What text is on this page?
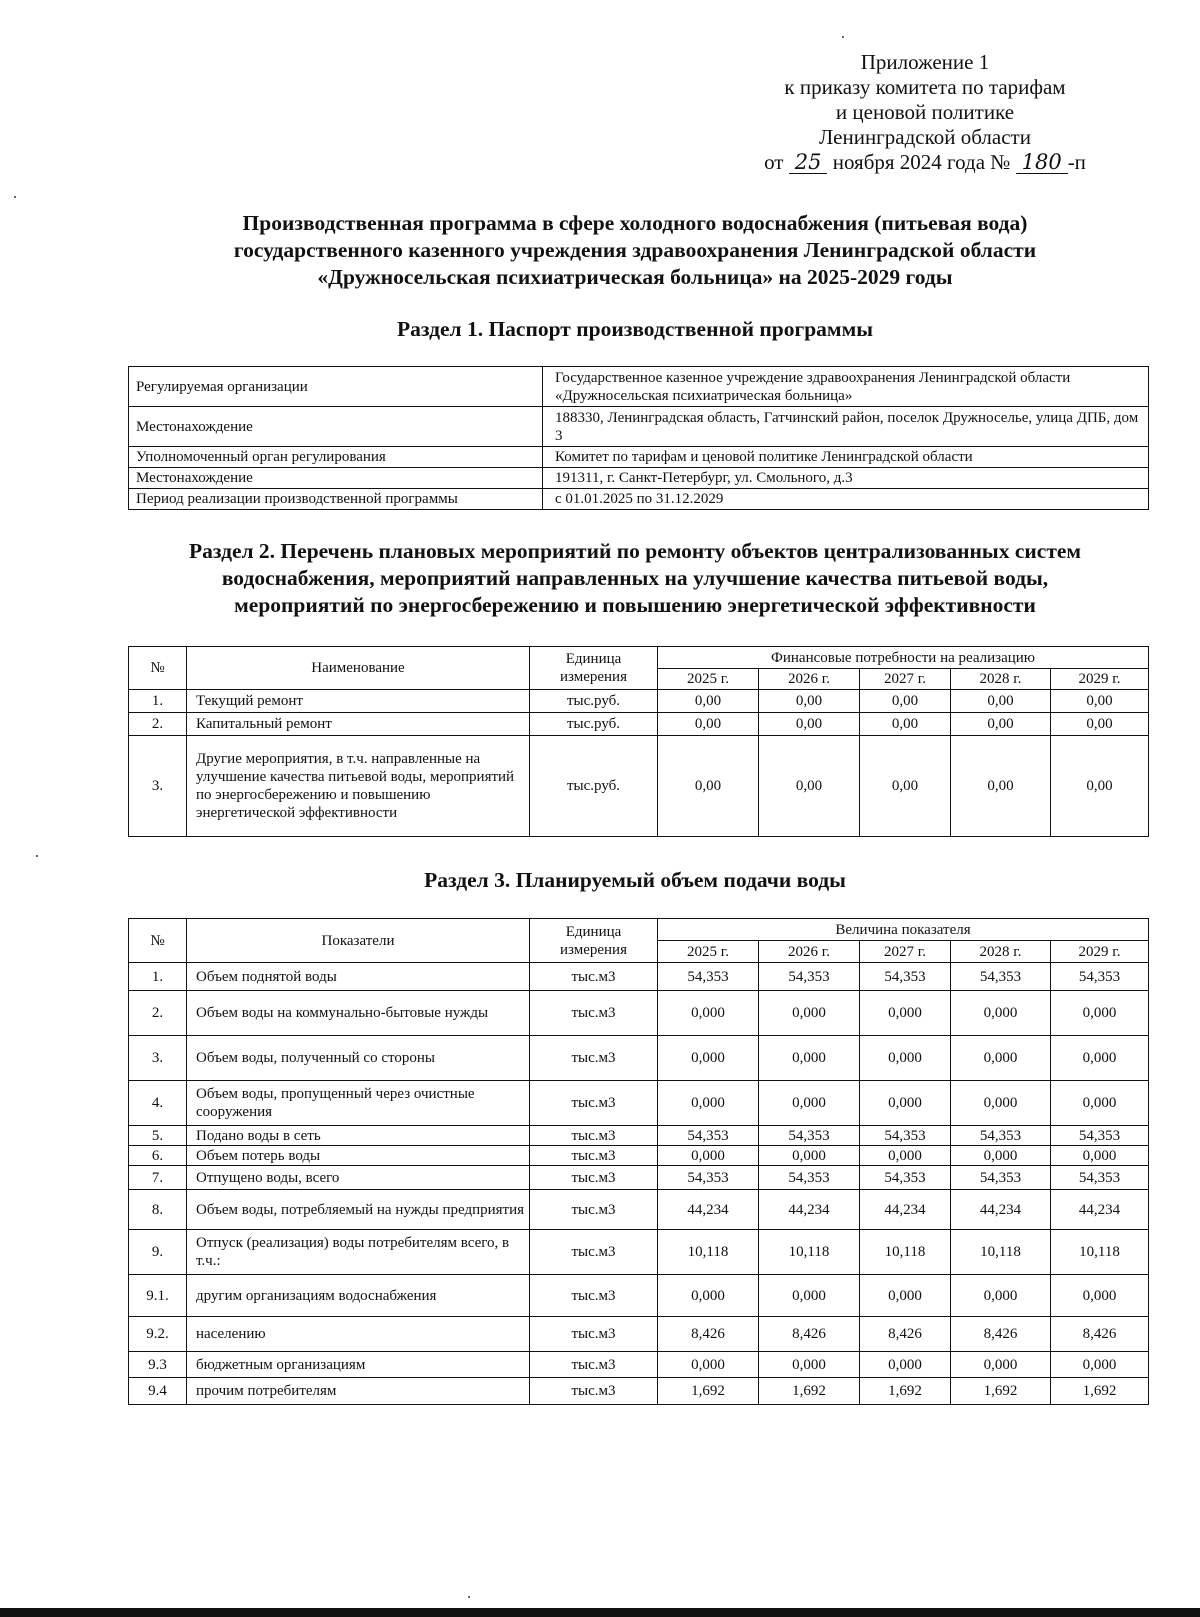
Приложение 1
к приказу комитета по тарифам
и ценовой политике
Ленинградской области
от 25 ноября 2024 года № 180 -п
Производственная программа в сфере холодного водоснабжения (питьевая вода)
государственного казенного учреждения здравоохранения Ленинградской области
«Дружносельская психиатрическая больница» на 2025-2029 годы
Раздел 1. Паспорт производственной программы
Регулируемая организации	Государственное казенное учреждение здравоохранения Ленинградской области «Дружносельская психиатрическая больница»
Местонахождение	188330, Ленинградская область, Гатчинский район, поселок Дружноселье, улица ДПБ, дом 3
Уполномоченный орган регулирования	Комитет по тарифам и ценовой политике Ленинградской области
Местонахождение	191311, г. Санкт-Петербург, ул. Смольного, д.3
Период реализации производственной программы	с 01.01.2025 по 31.12.2029
Раздел 2. Перечень плановых мероприятий по ремонту объектов централизованных систем
водоснабжения, мероприятий направленных на улучшение качества питьевой воды,
мероприятий по энергосбережению и повышению энергетической эффективности
№	Наименование	Единица измерения	Финансовые потребности на реализацию				
			2025 г.	2026 г.	2027 г.	2028 г.	2029 г.
1.	Текущий ремонт	тыс.руб.	0,00	0,00	0,00	0,00	0,00
2.	Капитальный ремонт	тыс.руб.	0,00	0,00	0,00	0,00	0,00
3.	Другие мероприятия, в т.ч. направленные на улучшение качества питьевой воды, мероприятий по энергосбережению и повышению энергетической эффективности	тыс.руб.	0,00	0,00	0,00	0,00	0,00
Раздел 3. Планируемый объем подачи воды
№	Показатели	Единица измерения	Величина показателя				
			2025 г.	2026 г.	2027 г.	2028 г.	2029 г.
1.	Объем поднятой воды	тыс.м3	54,353	54,353	54,353	54,353	54,353
2.	Объем воды на коммунально-бытовые нужды	тыс.м3	0,000	0,000	0,000	0,000	0,000
3.	Объем воды, полученный со стороны	тыс.м3	0,000	0,000	0,000	0,000	0,000
4.	Объем воды, пропущенный через очистные сооружения	тыс.м3	0,000	0,000	0,000	0,000	0,000
5.	Подано воды в сеть	тыс.м3	54,353	54,353	54,353	54,353	54,353
6.	Объем потерь воды	тыс.м3	0,000	0,000	0,000	0,000	0,000
7.	Отпущено воды, всего	тыс.м3	54,353	54,353	54,353	54,353	54,353
8.	Объем воды, потребляемый на нужды предприятия	тыс.м3	44,234	44,234	44,234	44,234	44,234
9.	Отпуск (реализация) воды потребителям всего, в т.ч.:	тыс.м3	10,118	10,118	10,118	10,118	10,118
9.1.	другим организациям водоснабжения	тыс.м3	0,000	0,000	0,000	0,000	0,000
9.2.	населению	тыс.м3	8,426	8,426	8,426	8,426	8,426
9.3	бюджетным организациям	тыс.м3	0,000	0,000	0,000	0,000	0,000
9.4	прочим потребителям	тыс.м3	1,692	1,692	1,692	1,692	1,692
